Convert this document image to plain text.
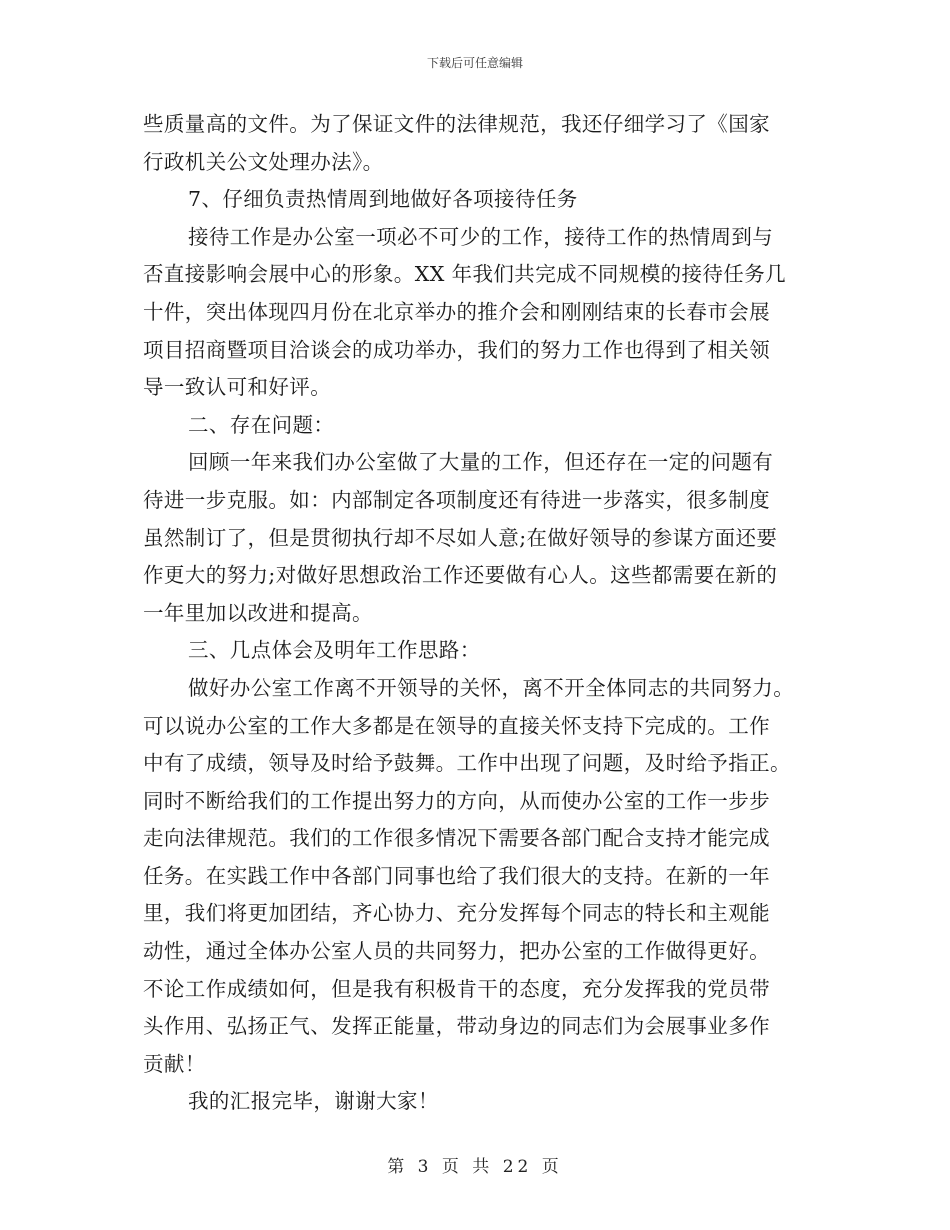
下载后可任意编辑
些质量高的文件。为了保证文件的法律规范，我还仔细学习了《国家
行政机关公文处理办法》。
7、仔细负责热情周到地做好各项接待任务
接待工作是办公室一项必不可少的工作，接待工作的热情周到与
否直接影响会展中心的形象。XX 年我们共完成不同规模的接待任务几
十件，突出体现四月份在北京举办的推介会和刚刚结束的长春市会展
项目招商暨项目洽谈会的成功举办，我们的努力工作也得到了相关领
导一致认可和好评。
二、存在问题：
回顾一年来我们办公室做了大量的工作，但还存在一定的问题有
待进一步克服。如：内部制定各项制度还有待进一步落实，很多制度
虽然制订了，但是贯彻执行却不尽如人意;在做好领导的参谋方面还要
作更大的努力;对做好思想政治工作还要做有心人。这些都需要在新的
一年里加以改进和提高。
三、几点体会及明年工作思路：
做好办公室工作离不开领导的关怀，离不开全体同志的共同努力。
可以说办公室的工作大多都是在领导的直接关怀支持下完成的。工作
中有了成绩，领导及时给予鼓舞。工作中出现了问题，及时给予指正。
同时不断给我们的工作提出努力的方向，从而使办公室的工作一步步
走向法律规范。我们的工作很多情况下需要各部门配合支持才能完成
任务。在实践工作中各部门同事也给了我们很大的支持。在新的一年
里，我们将更加团结，齐心协力、充分发挥每个同志的特长和主观能
动性，通过全体办公室人员的共同努力，把办公室的工作做得更好。
不论工作成绩如何，但是我有积极肯干的态度，充分发挥我的党员带
头作用、弘扬正气、发挥正能量，带动身边的同志们为会展事业多作
贡献！
我的汇报完毕，谢谢大家！
第 3 页 共 22 页
